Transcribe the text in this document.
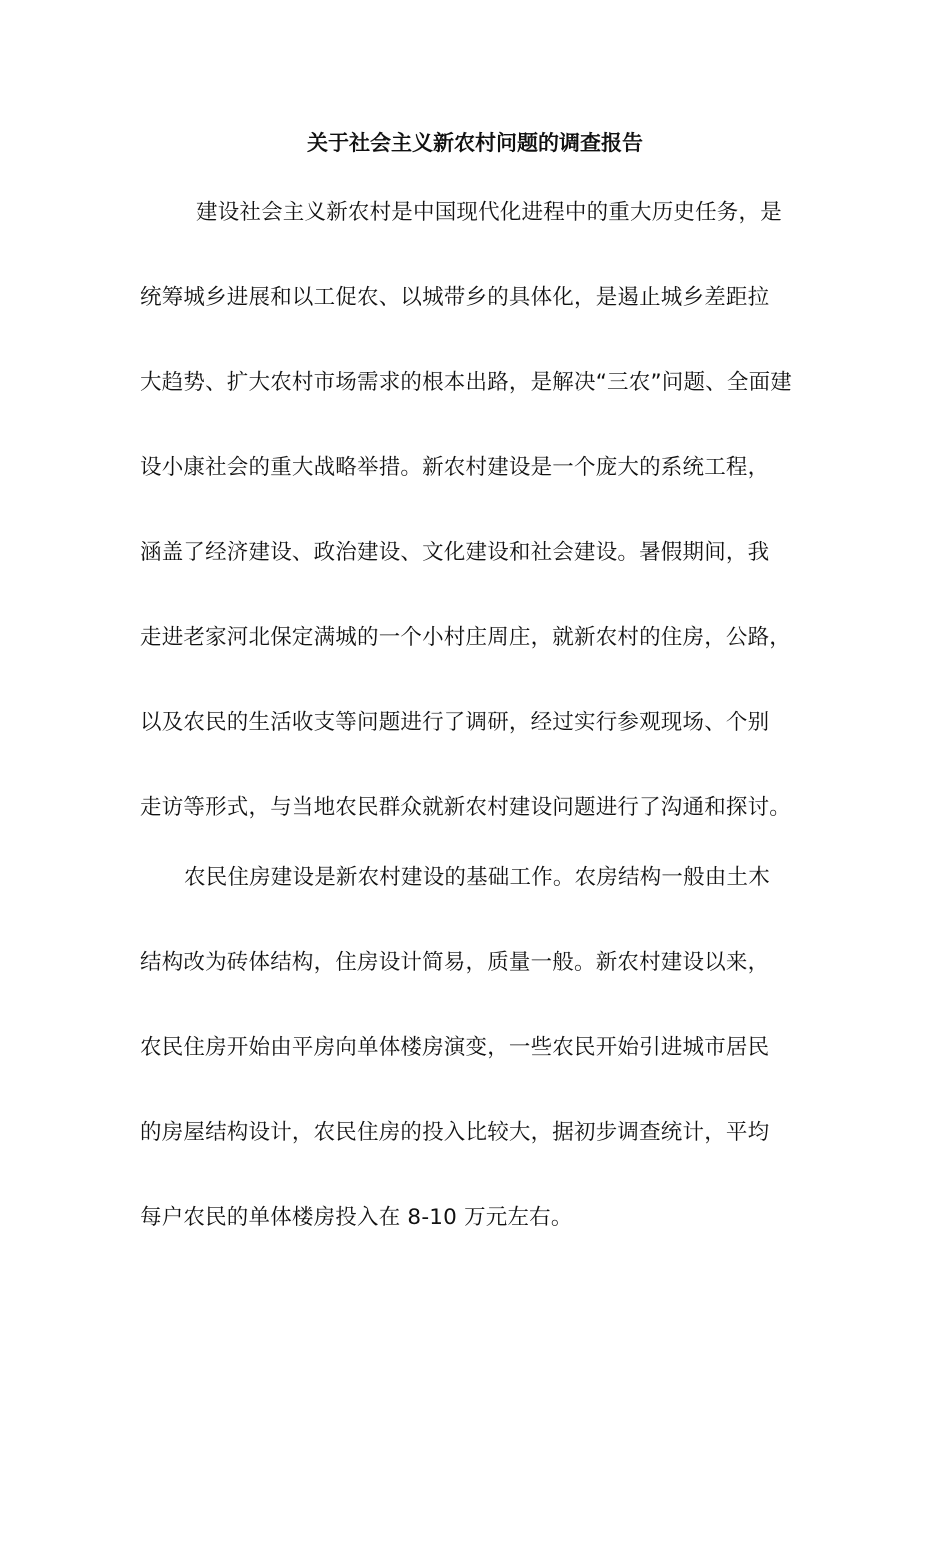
关于社会主义新农村问题的调查报告
建设社会主义新农村是中国现代化进程中的重大历史任务，是
统筹城乡进展和以工促农、以城带乡的具体化，是遏止城乡差距拉
大趋势、扩大农村市场需求的根本出路，是解决“三农”问题、全面建
设小康社会的重大战略举措。新农村建设是一个庞大的系统工程，
涵盖了经济建设、政治建设、文化建设和社会建设。暑假期间，我
走进老家河北保定满城的一个小村庄周庄，就新农村的住房，公路，
以及农民的生活收支等问题进行了调研，经过实行参观现场、个别
走访等形式，与当地农民群众就新农村建设问题进行了沟通和探讨。
农民住房建设是新农村建设的基础工作。农房结构一般由土木
结构改为砖体结构，住房设计简易，质量一般。新农村建设以来，
农民住房开始由平房向单体楼房演变，一些农民开始引进城市居民
的房屋结构设计，农民住房的投入比较大，据初步调查统计，平均
每户农民的单体楼房投入在 8-10 万元左右。
